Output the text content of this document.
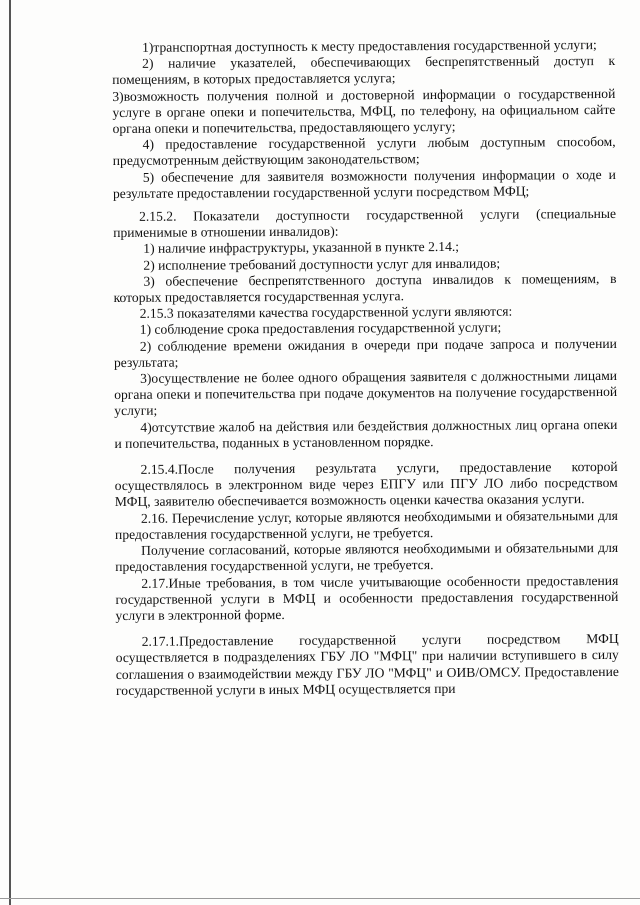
1)транспортная доступность к месту предоставления государственной услуги;

2) наличие указателей, обеспечивающих беспрепятственный доступ к помещениям, в которых предоставляется услуга;

3)возможность получения полной и достоверной информации о государственной услуге в органе опеки и попечительства, МФЦ, по телефону, на официальном сайте органа опеки и попечительства, предоставляющего услугу;

4) предоставление государственной услуги любым доступным способом, предусмотренным действующим законодательством;

5) обеспечение для заявителя возможности получения информации о ходе и результате предоставлении государственной услуги посредством МФЦ;

2.15.2. Показатели доступности государственной услуги (специальные применимые в отношении инвалидов):

1) наличие инфраструктуры, указанной в пункте 2.14.;

2) исполнение требований доступности услуг для инвалидов;

3) обеспечение беспрепятственного доступа инвалидов к помещениям, в которых предоставляется государственная услуга.

2.15.3 показателями качества государственной услуги являются:

1) соблюдение срока предоставления государственной услуги;

2) соблюдение времени ожидания в очереди при подаче запроса и получении результата;

3)осуществление не более одного обращения заявителя с должностными лицами органа опеки и попечительства при подаче документов на получение государственной услуги;

4)отсутствие жалоб на действия или бездействия должностных лиц органа опеки и попечительства, поданных в установленном порядке.

2.15.4.После получения результата услуги, предоставление которой осуществлялось в электронном виде через ЕПГУ или ПГУ ЛО либо посредством МФЦ, заявителю обеспечивается возможность оценки качества оказания услуги.

2.16. Перечисление услуг, которые являются необходимыми и обязательными для предоставления государственной услуги, не требуется.

Получение согласований, которые являются необходимыми и обязательными для предоставления государственной услуги, не требуется.

2.17.Иные требования, в том числе учитывающие особенности предоставления государственной услуги в МФЦ и особенности предоставления государственной услуги в электронной форме.

2.17.1.Предоставление государственной услуги посредством МФЦ осуществляется в подразделениях ГБУ ЛО "МФЦ" при наличии вступившего в силу соглашения о взаимодействии между ГБУ ЛО "МФЦ" и ОИВ/ОМСУ. Предоставление государственной услуги в иных МФЦ осуществляется при
